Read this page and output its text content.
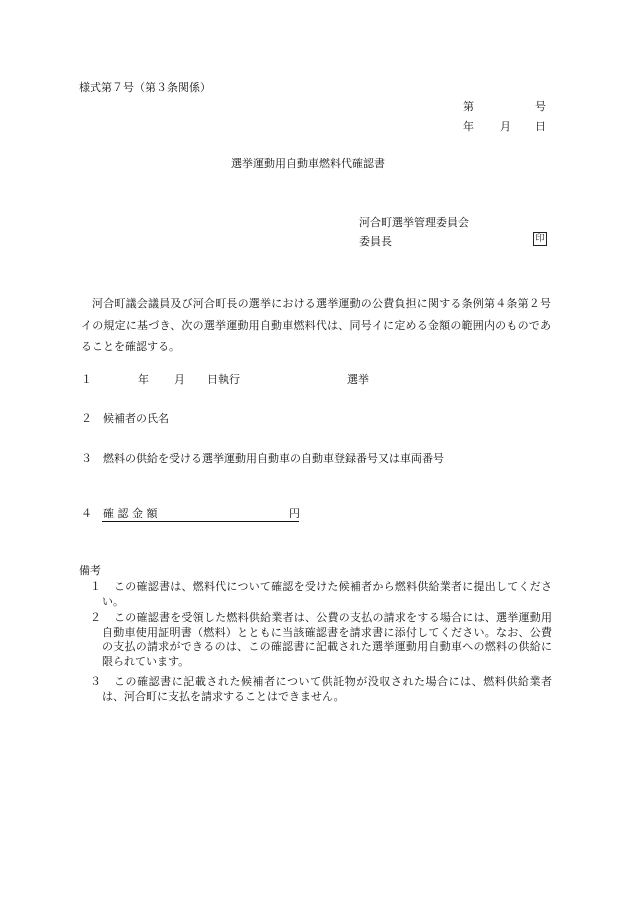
様式第７号（第３条関係）
第	号
年 月 日
選挙運動用自動車燃料代確認書
河合町選挙管理委員会
委員長	印
河合町議会議員及び河合町長の選挙における選挙運動の公費負担に関する条例第４条第２号イの規定に基づき、次の選挙運動用自動車燃料代は、同号イに定める金額の範囲内のものであることを確認する。
１	年 月 日執行	選挙
２ 候補者の氏名
３ 燃料の供給を受ける選挙運動用自動車の自動車登録番号又は車両番号
４ 確 認 金 額	円
備考
１	この確認書は、燃料代について確認を受けた候補者から燃料供給業者に提出してください。
２	この確認書を受領した燃料供給業者は、公費の支払の請求をする場合には、選挙運動用自動車使用証明書（燃料）とともに当該確認書を請求書に添付してください。なお、公費の支払の請求ができるのは、この確認書に記載された選挙運動用自動車への燃料の供給に限られています。
３	この確認書に記載された候補者について供託物が没収された場合には、燃料供給業者は、河合町に支払を請求することはできません。
